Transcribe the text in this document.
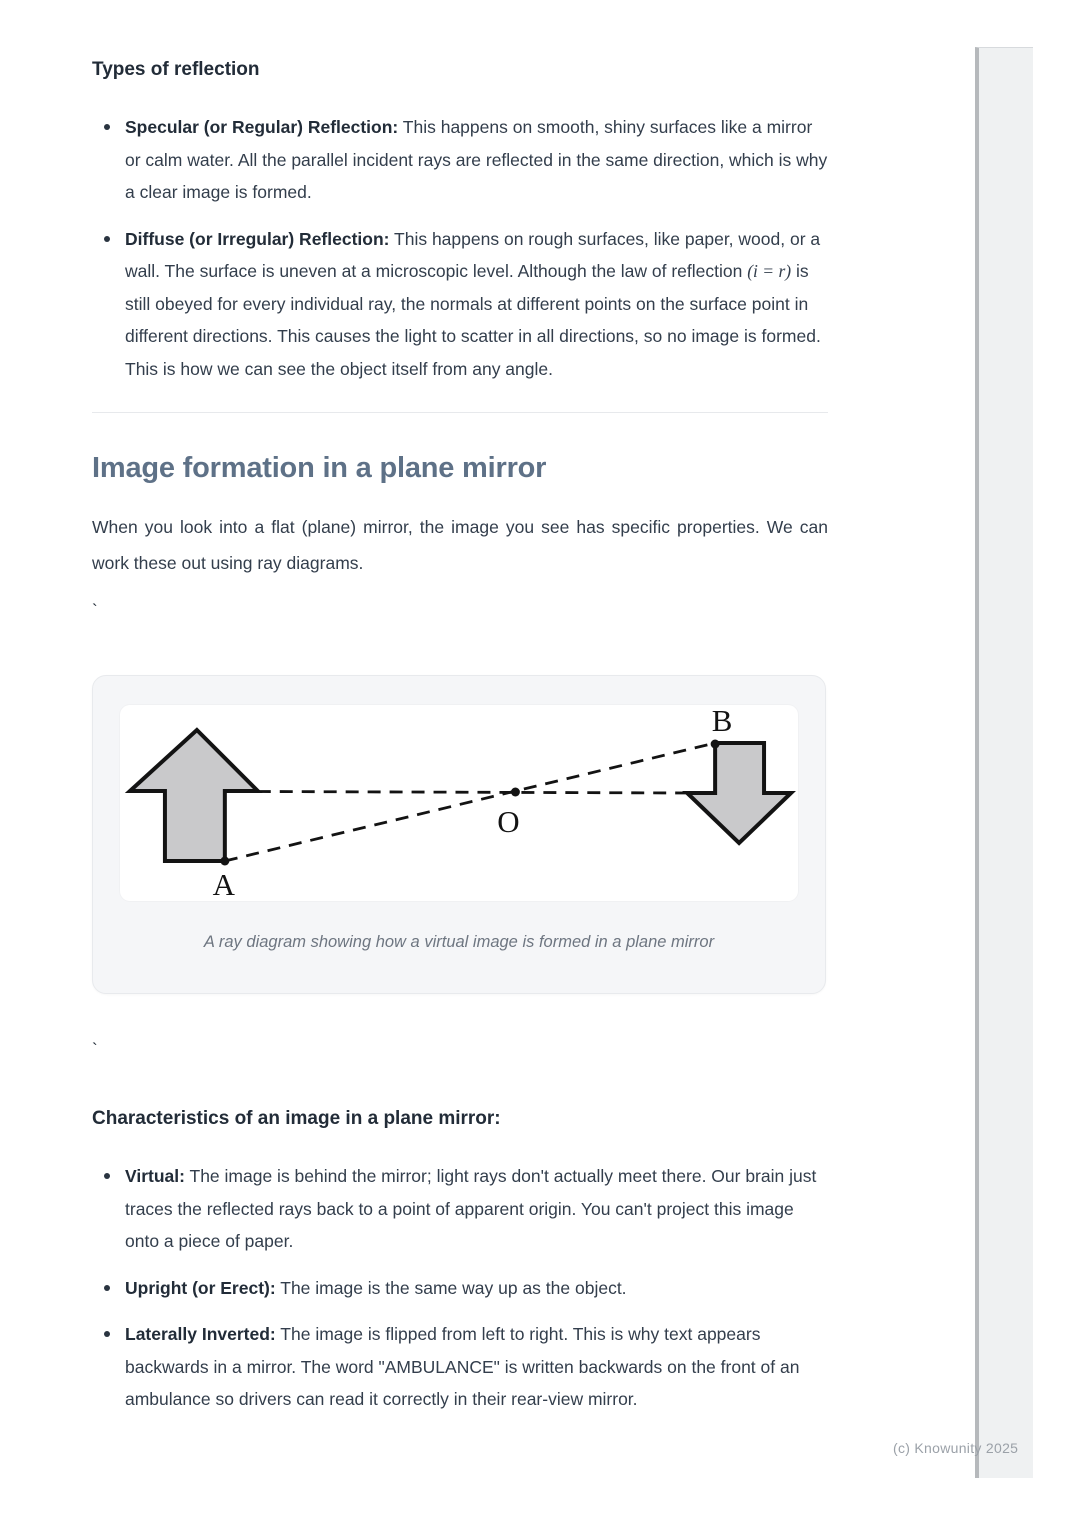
Types of reflection
Specular (or Regular) Reflection: This happens on smooth, shiny surfaces like a mirror or calm water. All the parallel incident rays are reflected in the same direction, which is why a clear image is formed.
Diffuse (or Irregular) Reflection: This happens on rough surfaces, like paper, wood, or a wall. The surface is uneven at a microscopic level. Although the law of reflection (i = r) is still obeyed for every individual ray, the normals at different points on the surface point in different directions. This causes the light to scatter in all directions, so no image is formed. This is how we can see the object itself from any angle.
Image formation in a plane mirror

When you look into a flat (plane) mirror, the image you see has specific properties. We can work these out using ray diagrams.

`
A
B
O
A ray diagram showing how a virtual image is formed in a plane mirror
`
Characteristics of an image in a plane mirror:
Virtual: The image is behind the mirror; light rays don't actually meet there. Our brain just traces the reflected rays back to a point of apparent origin. You can't project this image onto a piece of paper.
Upright (or Erect): The image is the same way up as the object.
Laterally Inverted: The image is flipped from left to right. This is why text appears backwards in a mirror. The word "AMBULANCE" is written backwards on the front of an ambulance so drivers can read it correctly in their rear-view mirror.
(c) Knowunity 2025
